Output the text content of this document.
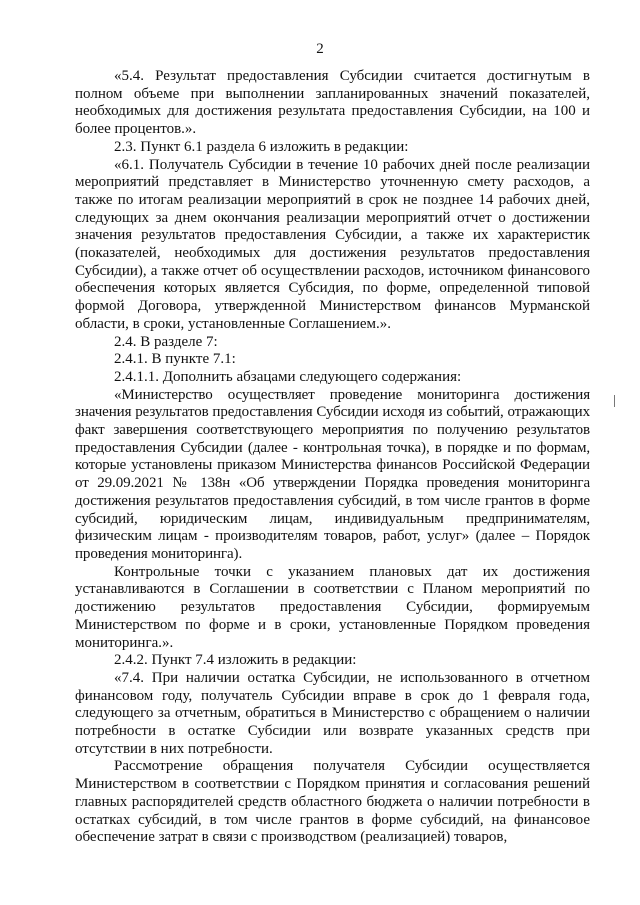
2

«5.4. Результат предоставления Субсидии считается достигнутым в полном объеме при выполнении запланированных значений показателей, необходимых для достижения результата предоставления Субсидии, на 100 и более процентов.».

2.3. Пункт 6.1 раздела 6 изложить в редакции:

«6.1. Получатель Субсидии в течение 10 рабочих дней после реализации мероприятий представляет в Министерство уточненную смету расходов, а также по итогам реализации мероприятий в срок не позднее 14 рабочих дней, следующих за днем окончания реализации мероприятий отчет о достижении значения результатов предоставления Субсидии, а также их характеристик (показателей, необходимых для достижения результатов предоставления Субсидии), а также отчет об осуществлении расходов, источником финансового обеспечения которых является Субсидия, по форме, определенной типовой формой Договора, утвержденной Министерством финансов Мурманской области, в сроки, установленные Соглашением.».

2.4. В разделе 7:

2.4.1. В пункте 7.1:

2.4.1.1. Дополнить абзацами следующего содержания:

«Министерство осуществляет проведение мониторинга достижения значения результатов предоставления Субсидии исходя из событий, отражающих факт завершения соответствующего мероприятия по получению результатов предоставления Субсидии (далее - контрольная точка), в порядке и по формам, которые установлены приказом Министерства финансов Российской Федерации от 29.09.2021 № 138н «Об утверждении Порядка проведения мониторинга достижения результатов предоставления субсидий, в том числе грантов в форме субсидий, юридическим лицам, индивидуальным предпринимателям, физическим лицам - производителям товаров, работ, услуг» (далее – Порядок проведения мониторинга).

Контрольные точки с указанием плановых дат их достижения устанавливаются в Соглашении в соответствии с Планом мероприятий по достижению результатов предоставления Субсидии, формируемым Министерством по форме и в сроки, установленные Порядком проведения мониторинга.».

2.4.2. Пункт 7.4 изложить в редакции:

«7.4. При наличии остатка Субсидии, не использованного в отчетном финансовом году, получатель Субсидии вправе в срок до 1 февраля года, следующего за отчетным, обратиться в Министерство с обращением о наличии потребности в остатке Субсидии или возврате указанных средств при отсутствии в них потребности.

Рассмотрение обращения получателя Субсидии осуществляется Министерством в соответствии с Порядком принятия и согласования решений главных распорядителей средств областного бюджета о наличии потребности в остатках субсидий, в том числе грантов в форме субсидий, на финансовое обеспечение затрат в связи с производством (реализацией) товаров,
